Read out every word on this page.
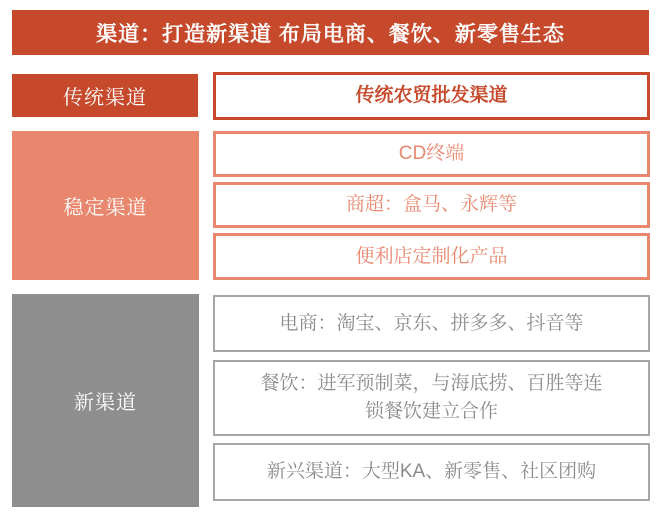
渠道：打造新渠道 布局电商、餐饮、新零售生态
传统渠道	传统农贸批发渠道
稳定渠道
CD终端
商超：盒马、永辉等
便利店定制化产品
新渠道
电商：淘宝、京东、拼多多、抖音等
餐饮：进军预制菜，与海底捞、百胜等连锁餐饮建立合作
新兴渠道：大型KA、新零售、社区团购
